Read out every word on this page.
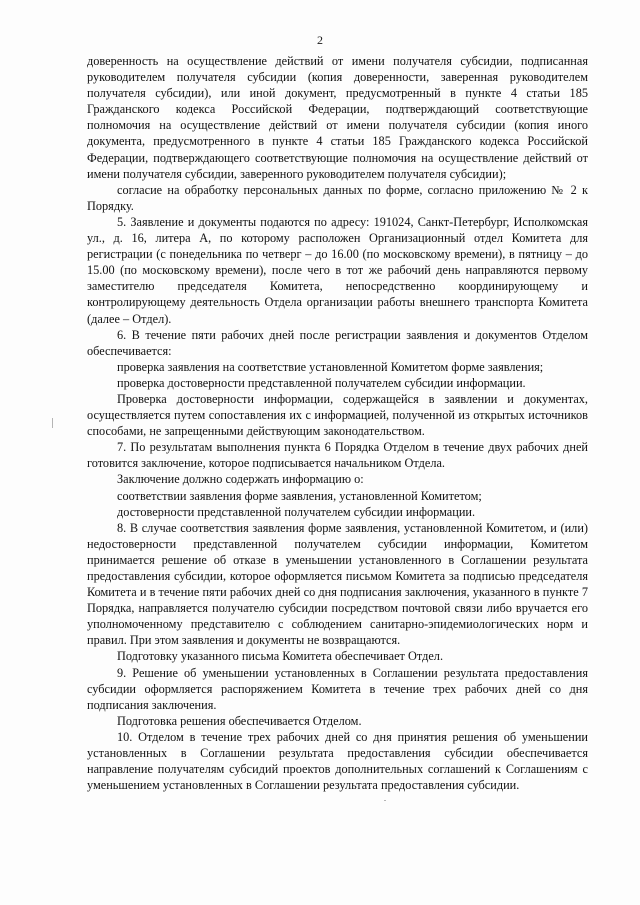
2

доверенность на осуществление действий от имени получателя субсидии, подписанная руководителем получателя субсидии (копия доверенности, заверенная руководителем получателя субсидии), или иной документ, предусмотренный в пункте 4 статьи 185 Гражданского кодекса Российской Федерации, подтверждающий соответствующие полномочия на осуществление действий от имени получателя субсидии (копия иного документа, предусмотренного в пункте 4 статьи 185 Гражданского кодекса Российской Федерации, подтверждающего соответствующие полномочия на осуществление действий от имени получателя субсидии, заверенного руководителем получателя субсидии);

согласие на обработку персональных данных по форме, согласно приложению № 2 к Порядку.

5. Заявление и документы подаются по адресу: 191024, Санкт-Петербург, Исполкомская ул., д. 16, литера А, по которому расположен Организационный отдел Комитета для регистрации (с понедельника по четверг – до 16.00 (по московскому времени), в пятницу – до 15.00 (по московскому времени), после чего в тот же рабочий день направляются первому заместителю председателя Комитета, непосредственно координирующему и контролирующему деятельность Отдела организации работы внешнего транспорта Комитета (далее – Отдел).

6. В течение пяти рабочих дней после регистрации заявления и документов Отделом обеспечивается:

проверка заявления на соответствие установленной Комитетом форме заявления;

проверка достоверности представленной получателем субсидии информации.

Проверка достоверности информации, содержащейся в заявлении и документах, осуществляется путем сопоставления их с информацией, полученной из открытых источников способами, не запрещенными действующим законодательством.

7. По результатам выполнения пункта 6 Порядка Отделом в течение двух рабочих дней готовится заключение, которое подписывается начальником Отдела.

Заключение должно содержать информацию о:

соответствии заявления форме заявления, установленной Комитетом;

достоверности представленной получателем субсидии информации.

8. В случае соответствия заявления форме заявления, установленной Комитетом, и (или) недостоверности представленной получателем субсидии информации, Комитетом принимается решение об отказе в уменьшении установленного в Соглашении результата предоставления субсидии, которое оформляется письмом Комитета за подписью председателя Комитета и в течение пяти рабочих дней со дня подписания заключения, указанного в пункте 7 Порядка, направляется получателю субсидии посредством почтовой связи либо вручается его уполномоченному представителю с соблюдением санитарно-эпидемиологических норм и правил. При этом заявления и документы не возвращаются.

Подготовку указанного письма Комитета обеспечивает Отдел.

9. Решение об уменьшении установленных в Соглашении результата предоставления субсидии оформляется распоряжением Комитета в течение трех рабочих дней со дня подписания заключения.

Подготовка решения обеспечивается Отделом.

10. Отделом в течение трех рабочих дней со дня принятия решения об уменьшении установленных в Соглашении результата предоставления субсидии обеспечивается направление получателям субсидий проектов дополнительных соглашений к Соглашениям с уменьшением установленных в Соглашении результата предоставления субсидии.
